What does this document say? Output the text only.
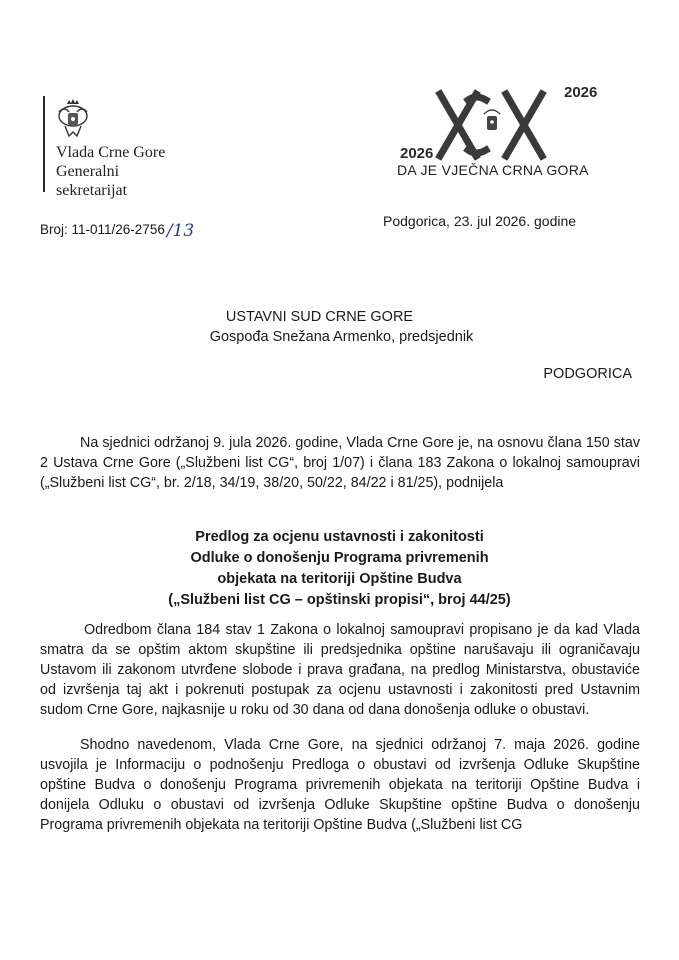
Vlada Crne Gore
Generalni
sekretarijat
2026
2026
DA JE VJEČNA CRNA GORA
Broj: 11-011/26-2756 /13	Podgorica, 23. jul 2026. godine
USTAVNI SUD CRNE GORE
Gospođa Snežana Armenko, predsjednik
PODGORICA
Na sjednici održanoj 9. jula 2026. godine, Vlada Crne Gore je, na osnovu člana 150 stav 2 Ustava Crne Gore („Službeni list CG“, broj 1/07) i člana 183 Zakona o lokalnoj samoupravi („Službeni list CG“, br. 2/18, 34/19, 38/20, 50/22, 84/22 i 81/25), podnijela
Predlog za ocjenu ustavnosti i zakonitosti
Odluke o donošenju Programa privremenih
objekata na teritoriji Opštine Budva
(„Službeni list CG – opštinski propisi“, broj 44/25)
Odredbom člana 184 stav 1 Zakona o lokalnoj samoupravi propisano je da kad Vlada smatra da se opštim aktom skupštine ili predsjednika opštine narušavaju ili ograničavaju Ustavom ili zakonom utvrđene slobode i prava građana, na predlog Ministarstva, obustaviće od izvršenja taj akt i pokrenuti postupak za ocjenu ustavnosti i zakonitosti pred Ustavnim sudom Crne Gore, najkasnije u roku od 30 dana od dana donošenja odluke o obustavi.
Shodno navedenom, Vlada Crne Gore, na sjednici održanoj 7. maja 2026. godine usvojila je Informaciju o podnošenju Predloga o obustavi od izvršenja Odluke Skupštine opštine Budva o donošenju Programa privremenih objekata na teritoriji Opštine Budva i donijela Odluku o obustavi od izvršenja Odluke Skupštine opštine Budva o donošenju Programa privremenih objekata na teritoriji Opštine Budva („Službeni list CG
